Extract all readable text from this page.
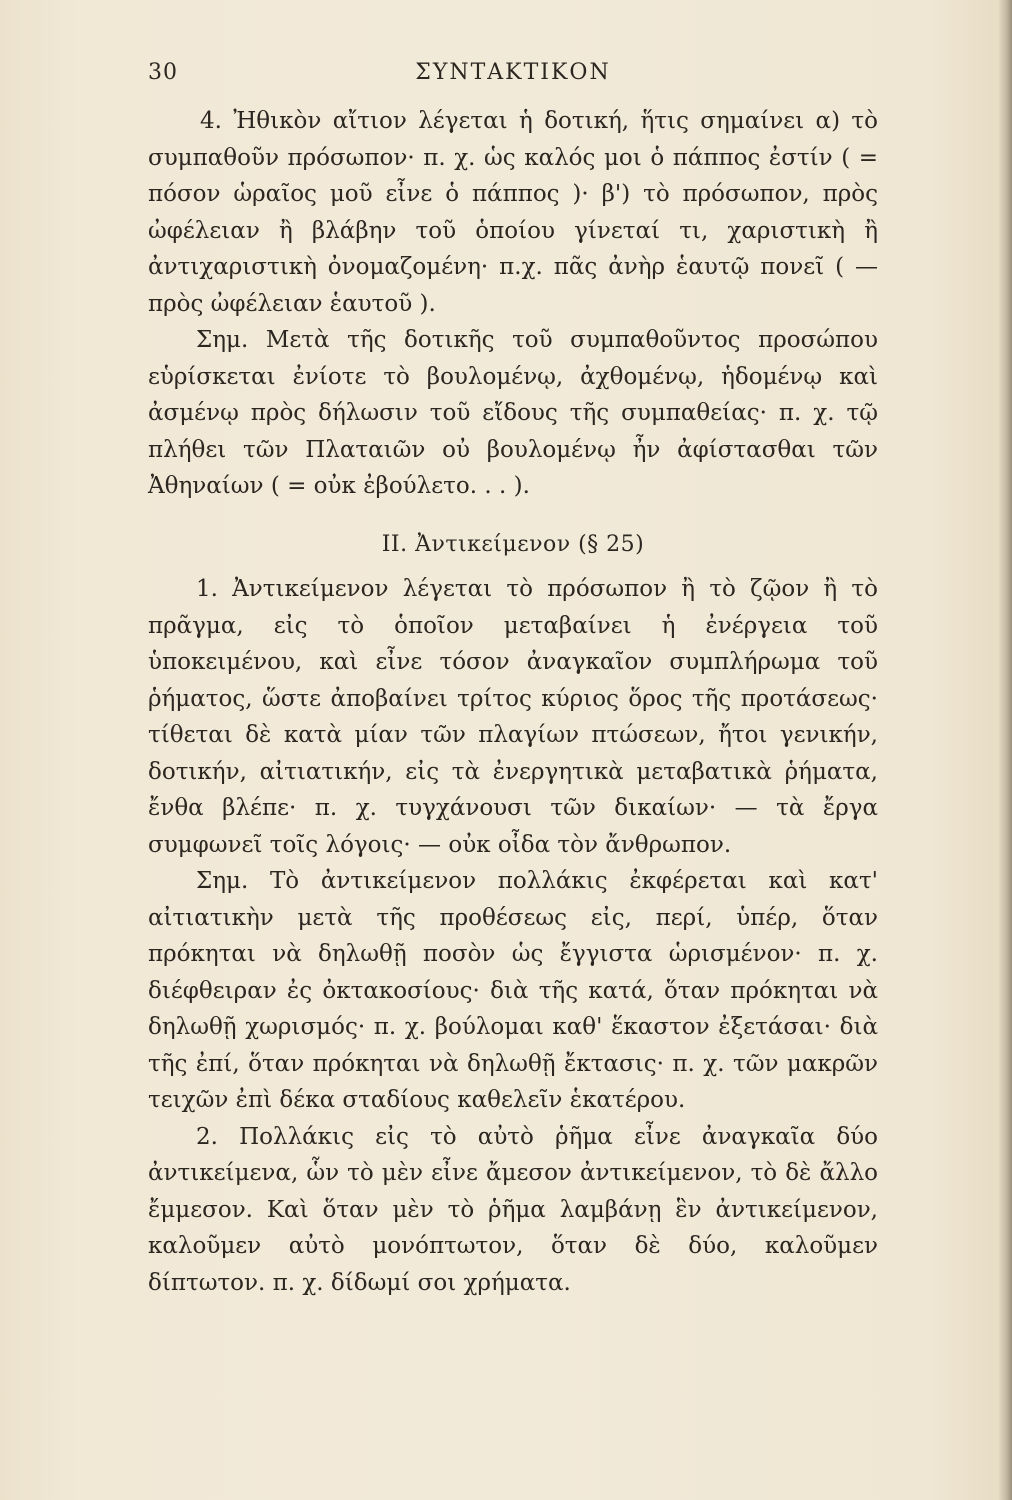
30	ΣΥΝΤΑΚΤΙΚΟΝ

4. Ἠθικὸν αἴτιον λέγεται ἡ δοτική, ἥτις σημαίνει α) τὸ συμπαθοῦν πρόσωπον· π. χ. ὡς καλός μοι ὁ πάππος ἐστίν ( = πόσον ὡραῖος μοῦ εἶνε ὁ πάππος )· β') τὸ πρόσωπον, πρὸς ὠφέλειαν ἢ βλάβην τοῦ ὁποίου γίνεταί τι, χαριστικὴ ἢ ἀντιχαριστικὴ ὀνομαζομένη· π.χ. πᾶς ἀνὴρ ἑαυτῷ πονεῖ ( — πρὸς ὠφέλειαν ἑαυτοῦ ).

Σημ. Μετὰ τῆς δοτικῆς τοῦ συμπαθοῦντος προσώπου εὑρίσκεται ἐνίοτε τὸ βουλομένῳ, ἀχθομένῳ, ἡδομένῳ καὶ ἀσμένῳ πρὸς δήλωσιν τοῦ εἴδους τῆς συμπαθείας· π. χ. τῷ πλήθει τῶν Πλαταιῶν οὐ βουλομένῳ ἦν ἀφίστασθαι τῶν Ἀθηναίων ( = οὐκ ἐβούλετο. . . ).

II. Ἀντικείμενον (§ 25)

1. Ἀντικείμενον λέγεται τὸ πρόσωπον ἢ τὸ ζῷον ἢ τὸ πρᾶγμα, εἰς τὸ ὁποῖον μεταβαίνει ἡ ἐνέργεια τοῦ ὑποκειμένου, καὶ εἶνε τόσον ἀναγκαῖον συμπλήρωμα τοῦ ῥήματος, ὥστε ἀποβαίνει τρίτος κύριος ὅρος τῆς προτάσεως· τίθεται δὲ κατὰ μίαν τῶν πλαγίων πτώσεων, ἤτοι γενικήν, δοτικήν, αἰτιατικήν, εἰς τὰ ἐνεργητικὰ μεταβατικὰ ῥήματα, ἔνθα βλέπε· π. χ. τυγχάνουσι τῶν δικαίων· — τὰ ἔργα συμφωνεῖ τοῖς λόγοις· — οὐκ οἶδα τὸν ἄνθρωπον.

Σημ. Τὸ ἀντικείμενον πολλάκις ἐκφέρεται καὶ κατ' αἰτιατικὴν μετὰ τῆς προθέσεως εἰς, περί, ὑπέρ, ὅταν πρόκηται νὰ δηλωθῇ ποσὸν ὡς ἔγγιστα ὡρισμένον· π. χ. διέφθειραν ἐς ὀκτακοσίους· διὰ τῆς κατά, ὅταν πρόκηται νὰ δηλωθῇ χωρισμός· π. χ. βούλομαι καθ' ἕκαστον ἐξετάσαι· διὰ τῆς ἐπί, ὅταν πρόκηται νὰ δηλωθῇ ἔκτασις· π. χ. τῶν μακρῶν τειχῶν ἐπὶ δέκα σταδίους καθελεῖν ἑκατέρου.

2. Πολλάκις εἰς τὸ αὐτὸ ῥῆμα εἶνε ἀναγκαῖα δύο ἀντικείμενα, ὧν τὸ μὲν εἶνε ἄμεσον ἀντικείμενον, τὸ δὲ ἄλλο ἔμμεσον. Καὶ ὅταν μὲν τὸ ῥῆμα λαμβάνῃ ἓν ἀντικείμενον, καλοῦμεν αὐτὸ μονόπτωτον, ὅταν δὲ δύο, καλοῦμεν δίπτωτον. π. χ. δίδωμί σοι χρήματα.
